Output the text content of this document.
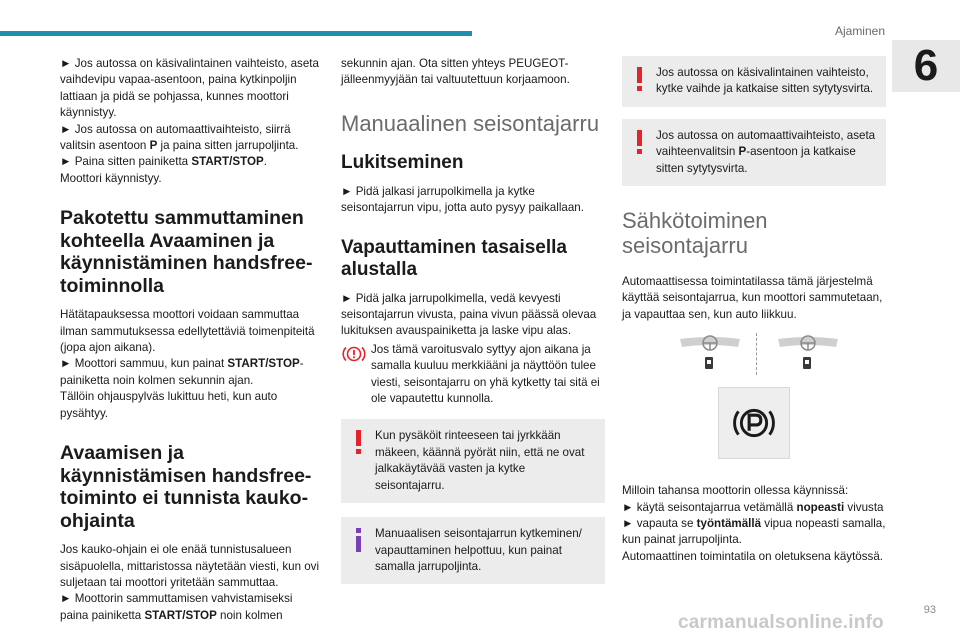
Ajaminen
6
93
carmanualsonline.info

► Jos autossa on käsivalintainen vaihteisto, aseta vaihdevipu vapaa-asentoon, paina kytkinpoljin lattiaan ja pidä se pohjassa, kunnes moottori käynnistyy.

► Jos autossa on automaattivaihteisto, siirrä valitsin asentoon P ja paina sitten jarrupoljinta.

► Paina sitten painiketta START/STOP.

Moottori käynnistyy.

Pakotettu sammuttaminen kohteella Avaaminen ja käynnistäminen handsfree-toiminnolla

Hätätapauksessa moottori voidaan sammuttaa ilman sammutuksessa edellytettäviä toimenpiteitä (jopa ajon aikana).

► Moottori sammuu, kun painat START/STOP-painiketta noin kolmen sekunnin ajan.

Tällöin ohjauspylväs lukittuu heti, kun auto pysähtyy.

Avaamisen ja käynnistämisen handsfree-toiminto ei tunnista kauko-ohjainta

Jos kauko-ohjain ei ole enää tunnistusalueen sisäpuolella, mittaristossa näytetään viesti, kun ovi suljetaan tai moottori yritetään sammuttaa.

► Moottorin sammuttamisen vahvistamiseksi paina painiketta START/STOP noin kolmen

sekunnin ajan. Ota sitten yhteys PEUGEOT-jälleenmyyjään tai valtuutettuun korjaamoon.

Manuaalinen seisontajarru
Lukitseminen

► Pidä jalkasi jarrupolkimella ja kytke seisontajarrun vipu, jotta auto pysyy paikallaan.

Vapauttaminen tasaisella alustalla

► Pidä jalka jarrupolkimella, vedä kevyesti seisontajarrun vivusta, paina vivun päässä olevaa lukituksen avauspainiketta ja laske vipu alas.

Jos tämä varoitusvalo syttyy ajon aikana ja samalla kuuluu merkkiääni ja näyttöön tulee viesti, seisontajarru on yhä kytketty tai sitä ei ole vapautettu kunnolla.
Kun pysäköit rinteeseen tai jyrkkään mäkeen, käännä pyörät niin, että ne ovat jalkakäytävää vasten ja kytke seisontajarru.
Manuaalisen seisontajarrun kytkeminen/ vapauttaminen helpottuu, kun painat samalla jarrupoljinta.
Jos autossa on käsivalintainen vaihteisto, kytke vaihde ja katkaise sitten sytytysvirta.
Jos autossa on automaattivaihteisto, aseta vaihteenvalitsin P-asentoon ja katkaise sitten sytytysvirta.
Sähkötoiminen seisontajarru

Automaattisessa toimintatilassa tämä järjestelmä käyttää seisontajarrua, kun moottori sammutetaan, ja vapauttaa sen, kun auto liikkuu.

Milloin tahansa moottorin ollessa käynnissä:

► käytä seisontajarrua vetämällä nopeasti vivusta

► vapauta se työntämällä vipua nopeasti samalla, kun painat jarrupoljinta.

Automaattinen toimintatila on oletuksena käytössä.
